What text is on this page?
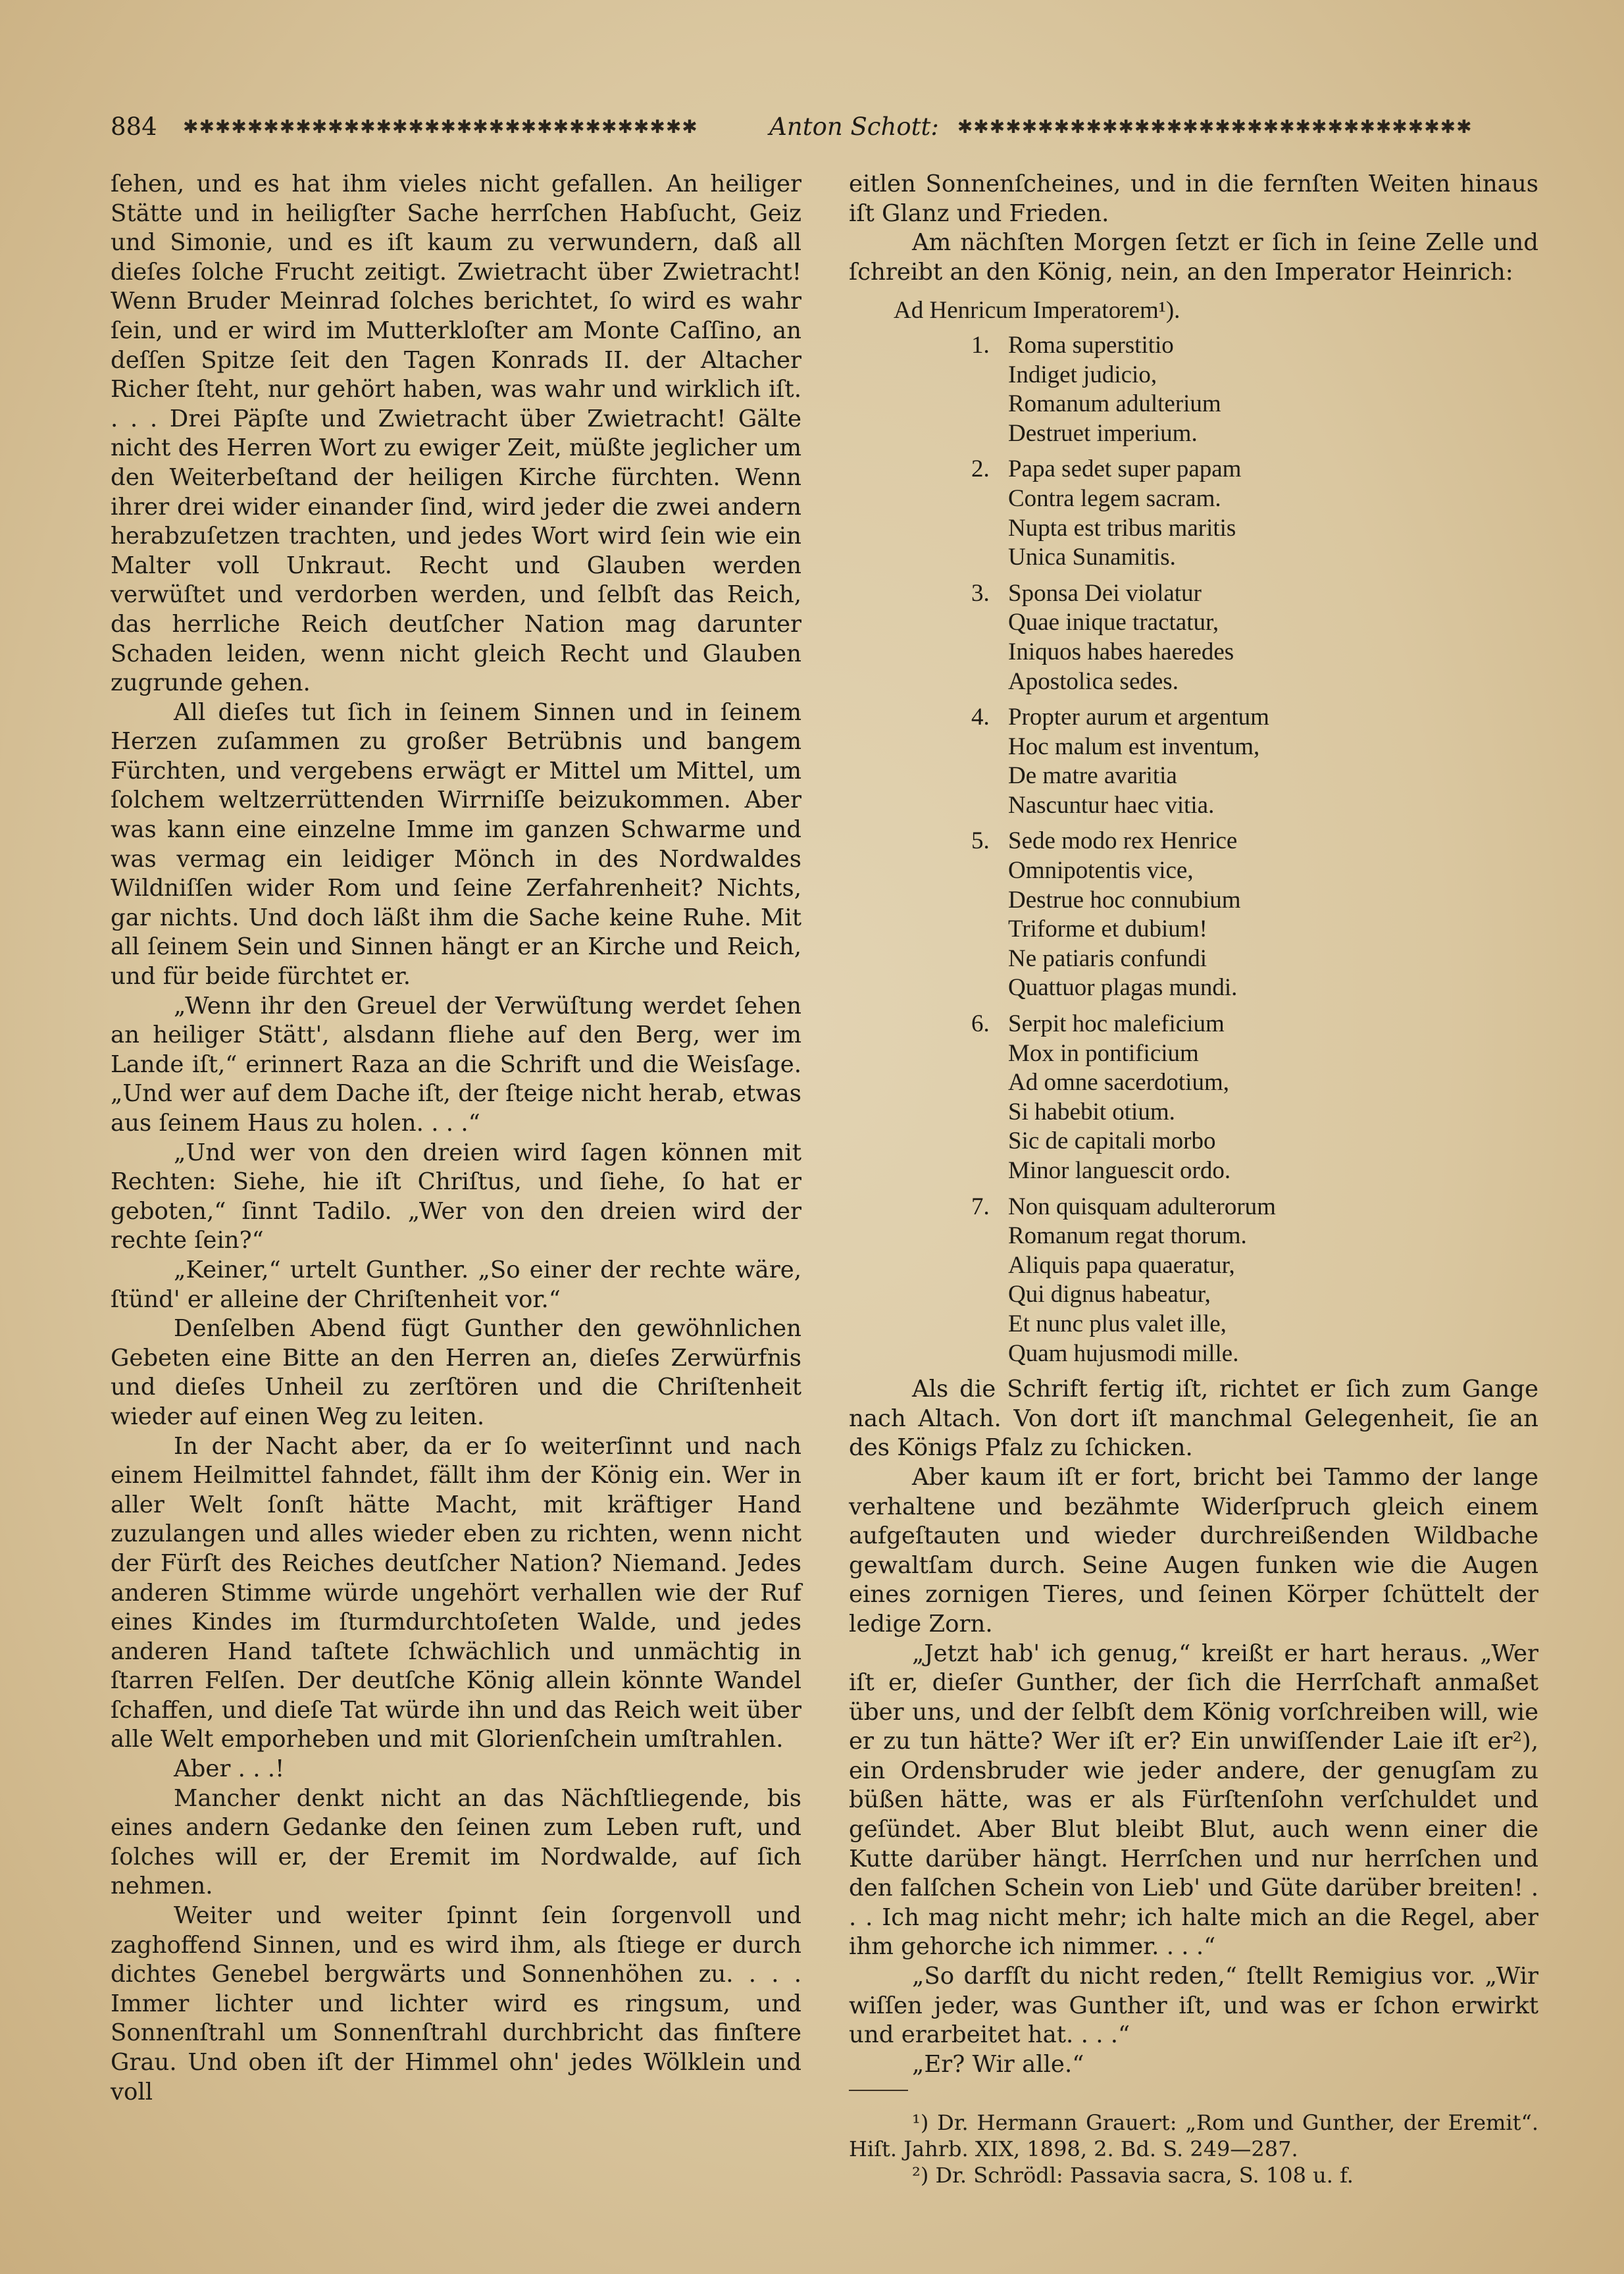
884	✱✱✱✱✱✱✱✱✱✱✱✱✱✱✱✱✱✱✱✱✱✱✱✱✱✱✱✱✱✱✱✱	Anton Schott:	✱✱✱✱✱✱✱✱✱✱✱✱✱✱✱✱✱✱✱✱✱✱✱✱✱✱✱✱✱✱✱✱

ſehen, und es hat ihm vieles nicht gefallen. An heiliger Stätte und in heiligſter Sache herrſchen Habſucht, Geiz und Simonie, und es iſt kaum zu verwundern, daß all dieſes ſolche Frucht zeitigt. Zwietracht über Zwietracht! Wenn Bruder Meinrad ſolches berichtet, ſo wird es wahr ſein, und er wird im Mutterkloſter am Monte Caſſino, an deſſen Spitze ſeit den Tagen Konrads II. der Altacher Richer ſteht, nur gehört haben, was wahr und wirklich iſt. . . . Drei Päpſte und Zwietracht über Zwietracht! Gälte nicht des Herren Wort zu ewiger Zeit, müßte jeglicher um den Weiterbeſtand der heiligen Kirche fürchten. Wenn ihrer drei wider einander ſind, wird jeder die zwei andern herabzuſetzen trachten, und jedes Wort wird ſein wie ein Malter voll Unkraut. Recht und Glauben werden verwüſtet und verdorben werden, und ſelbſt das Reich, das herrliche Reich deutſcher Nation mag darunter Schaden leiden, wenn nicht gleich Recht und Glauben zugrunde gehen.

All dieſes tut ſich in ſeinem Sinnen und in ſeinem Herzen zuſammen zu großer Betrübnis und bangem Fürchten, und vergebens erwägt er Mittel um Mittel, um ſolchem weltzerrüttenden Wirrniſſe beizukommen. Aber was kann eine einzelne Imme im ganzen Schwarme und was vermag ein leidiger Mönch in des Nordwaldes Wildniſſen wider Rom und ſeine Zerfahrenheit? Nichts, gar nichts. Und doch läßt ihm die Sache keine Ruhe. Mit all ſeinem Sein und Sinnen hängt er an Kirche und Reich, und für beide fürchtet er.

„Wenn ihr den Greuel der Verwüſtung werdet ſehen an heiliger Stätt', alsdann fliehe auf den Berg, wer im Lande iſt,“ erinnert Raza an die Schrift und die Weisſage. „Und wer auf dem Dache iſt, der ſteige nicht herab, etwas aus ſeinem Haus zu holen. . . .“

„Und wer von den dreien wird ſagen können mit Rechten: Siehe, hie iſt Chriſtus, und ſiehe, ſo hat er geboten,“ ſinnt Tadilo. „Wer von den dreien wird der rechte ſein?“

„Keiner,“ urtelt Gunther. „So einer der rechte wäre, ſtünd' er alleine der Chriſtenheit vor.“

Denſelben Abend fügt Gunther den gewöhnlichen Gebeten eine Bitte an den Herren an, dieſes Zerwürfnis und dieſes Unheil zu zerſtören und die Chriſtenheit wieder auf einen Weg zu leiten.

In der Nacht aber, da er ſo weiterſinnt und nach einem Heilmittel fahndet, fällt ihm der König ein. Wer in aller Welt ſonſt hätte Macht, mit kräftiger Hand zuzulangen und alles wieder eben zu richten, wenn nicht der Fürſt des Reiches deutſcher Nation? Niemand. Jedes anderen Stimme würde ungehört verhallen wie der Ruf eines Kindes im ſturmdurchtoſeten Walde, und jedes anderen Hand taſtete ſchwächlich und unmächtig in ſtarren Felſen. Der deutſche König allein könnte Wandel ſchaffen, und dieſe Tat würde ihn und das Reich weit über alle Welt emporheben und mit Glorienſchein umſtrahlen.

Aber . . .!

Mancher denkt nicht an das Nächſtliegende, bis eines andern Gedanke den ſeinen zum Leben ruft, und ſolches will er, der Eremit im Nordwalde, auf ſich nehmen.

Weiter und weiter ſpinnt ſein ſorgenvoll und zaghoffend Sinnen, und es wird ihm, als ſtiege er durch dichtes Genebel bergwärts und Sonnenhöhen zu. . . . Immer lichter und lichter wird es ringsum, und Sonnenſtrahl um Sonnenſtrahl durchbricht das finſtere Grau. Und oben iſt der Himmel ohn' jedes Wölklein und voll

eitlen Sonnenſcheines, und in die fernſten Weiten hinaus iſt Glanz und Frieden.

Am nächſten Morgen ſetzt er ſich in ſeine Zelle und ſchreibt an den König, nein, an den Imperator Heinrich:

Ad Henricum Imperatorem¹).
1. Roma superstitio
Indiget judicio,
Romanum adulterium
Destruet imperium.
2. Papa sedet super papam
Contra legem sacram.
Nupta est tribus maritis
Unica Sunamitis.
3. Sponsa Dei violatur
Quae inique tractatur,
Iniquos habes haeredes
Apostolica sedes.
4. Propter aurum et argentum
Hoc malum est inventum,
De matre avaritia
Nascuntur haec vitia.
5. Sede modo rex Henrice
Omnipotentis vice,
Destrue hoc connubium
Triforme et dubium!
Ne patiaris confundi
Quattuor plagas mundi.
6. Serpit hoc maleficium
Mox in pontificium
Ad omne sacerdotium,
Si habebit otium.
Sic de capitali morbo
Minor languescit ordo.
7. Non quisquam adulterorum
Romanum regat thorum.
Aliquis papa quaeratur,
Qui dignus habeatur,
Et nunc plus valet ille,
Quam hujusmodi mille.

Als die Schrift fertig iſt, richtet er ſich zum Gange nach Altach. Von dort iſt manchmal Gelegenheit, ſie an des Königs Pfalz zu ſchicken.

Aber kaum iſt er fort, bricht bei Tammo der lange verhaltene und bezähmte Widerſpruch gleich einem aufgeſtauten und wieder durchreißenden Wildbache gewaltſam durch. Seine Augen funken wie die Augen eines zornigen Tieres, und ſeinen Körper ſchüttelt der ledige Zorn.

„Jetzt hab' ich genug,“ kreißt er hart heraus. „Wer iſt er, dieſer Gunther, der ſich die Herrſchaft anmaßet über uns, und der ſelbſt dem König vorſchreiben will, wie er zu tun hätte? Wer iſt er? Ein unwiſſender Laie iſt er²), ein Ordensbruder wie jeder andere, der genugſam zu büßen hätte, was er als Fürſtenſohn verſchuldet und geſündet. Aber Blut bleibt Blut, auch wenn einer die Kutte darüber hängt. Herrſchen und nur herrſchen und den falſchen Schein von Lieb' und Güte darüber breiten! . . . Ich mag nicht mehr; ich halte mich an die Regel, aber ihm gehorche ich nimmer. . . .“

„So darfſt du nicht reden,“ ſtellt Remigius vor. „Wir wiſſen jeder, was Gunther iſt, und was er ſchon erwirkt und erarbeitet hat. . . .“

„Er? Wir alle.“

¹) Dr. Hermann Grauert: „Rom und Gunther, der Eremit“. Hiſt. Jahrb. XIX, 1898, 2. Bd. S. 249—287.

²) Dr. Schrödl: Passavia sacra, S. 108 u. f.
